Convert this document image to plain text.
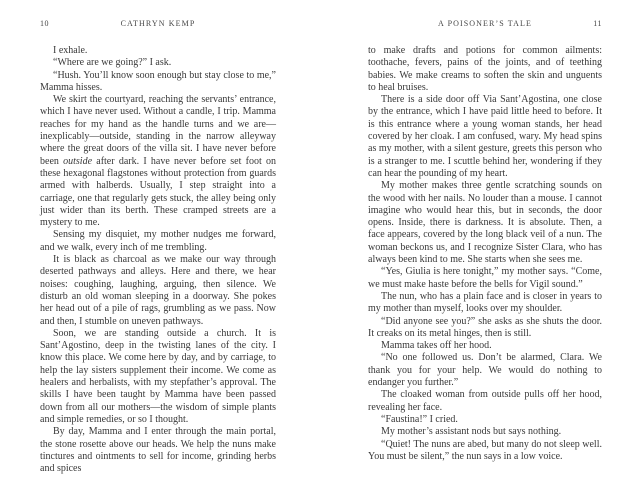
10	CATHRYN KEMP

I exhale.

“Where are we going?” I ask.

“Hush. You’ll know soon enough but stay close to me,” Mamma hisses.

We skirt the courtyard, reaching the servants’ entrance, which I have never used. Without a candle, I trip. Mamma reaches for my hand as the handle turns and we are—inexplicably—outside, standing in the narrow alleyway where the great doors of the villa sit. I have never before been outside after dark. I have never before set foot on these hexagonal flagstones without protection from guards armed with halberds. Usually, I step straight into a carriage, one that regularly gets stuck, the alley being only just wider than its berth. These cramped streets are a mystery to me.

Sensing my disquiet, my mother nudges me forward, and we walk, every inch of me trembling.

It is black as charcoal as we make our way through deserted pathways and alleys. Here and there, we hear noises: coughing, laughing, arguing, then silence. We disturb an old woman sleeping in a doorway. She pokes her head out of a pile of rags, grumbling as we pass. Now and then, I stumble on uneven pathways.

Soon, we are standing outside a church. It is Sant’Agostino, deep in the twisting lanes of the city. I know this place. We come here by day, and by carriage, to help the lay sisters supplement their income. We come as healers and herbalists, with my stepfather’s approval. The skills I have been taught by Mamma have been passed down from all our mothers—the wisdom of simple plants and simple remedies, or so I thought.

By day, Mamma and I enter through the main portal, the stone rosette above our heads. We help the nuns make tinctures and ointments to sell for income, grinding herbs and spices

11
A POISONER’S TALE

to make drafts and potions for common ailments: toothache, fevers, pains of the joints, and of teething babies. We make creams to soften the skin and unguents to heal bruises.

There is a side door off Via Sant’Agostina, one close by the entrance, which I have paid little heed to before. It is this entrance where a young woman stands, her head covered by her cloak. I am confused, wary. My head spins as my mother, with a silent gesture, greets this person who is a stranger to me. I scuttle behind her, wondering if they can hear the pounding of my heart.

My mother makes three gentle scratching sounds on the wood with her nails. No louder than a mouse. I cannot imagine who would hear this, but in seconds, the door opens. Inside, there is darkness. It is absolute. Then, a face appears, covered by the long black veil of a nun. The woman beckons us, and I recognize Sister Clara, who has always been kind to me. She starts when she sees me.

“Yes, Giulia is here tonight,” my mother says. “Come, we must make haste before the bells for Vigil sound.”

The nun, who has a plain face and is closer in years to my mother than myself, looks over my shoulder.

“Did anyone see you?” she asks as she shuts the door. It creaks on its metal hinges, then is still.

Mamma takes off her hood.

“No one followed us. Don’t be alarmed, Clara. We thank you for your help. We would do nothing to endanger you further.”

The cloaked woman from outside pulls off her hood, revealing her face.

“Faustina!” I cried.

My mother’s assistant nods but says nothing.

“Quiet! The nuns are abed, but many do not sleep well. You must be silent,” the nun says in a low voice.
